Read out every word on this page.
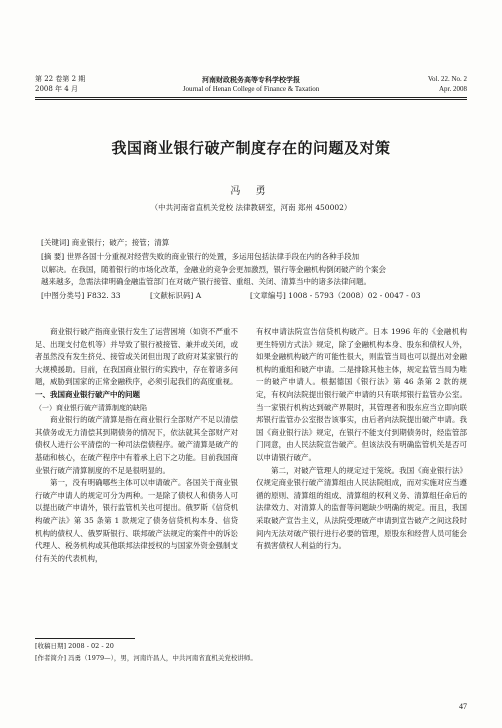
第 22 卷第 2 期
2008 年 4 月
河南财政税务高等专科学校学报
Journal of Henan College of Finance & Taxation
Vol. 22. No. 2
Apr. 2008
我国商业银行破产制度存在的问题及对策
冯 勇
（中共河南省直机关党校 法律教研室，河南 郑州 450002）
[关键词] 商业银行；破产；接管；清算
[摘 要] 世界各国十分重视对经营失败的商业银行的处置，多运用包括法律手段在内的各种手段加
以解决。在我国，随着银行的市场化改革，金融业的竞争会更加激烈，银行等金融机构倒闭破产的个案会
越来越多，急需法律明确金融监管部门在对破产银行接管、重组、关闭、清算当中的诸多法律问题。
[中图分类号] F832. 33	[文献标识码] A	[文章编号] 1008 - 5793（2008）02 - 0047 - 03

商业银行破产指商业银行发生了运营困境（如资不严重不足、出现支付危机等）并导致了银行被接管、兼并或关闭，或者虽然没有发生挤兑、接管或关闭但出现了政府对某家银行的大规模援助。目前，在我国商业银行的实践中，存在着诸多问题，威胁到国家的正常金融秩序，必须引起我们的高度重视。

一、我国商业银行破产中的问题

（一）商业银行破产清算制度的缺陷

商业银行的破产清算是指在商业银行全部财产不足以清偿其债务或无力清偿其到期债务的情况下，依法就其全部财产对债权人进行公平清偿的一种司法偿债程序。破产清算是破产的基础和核心，在破产程序中有着承上启下之功能。目前我国商业银行破产清算制度的不足是很明显的。

第一，没有明确哪些主体可以申请破产。各国关于商业银行破产申请人的规定可分为两种。一是除了债权人和债务人可以提出破产申请外，银行监管机关也可提出。俄罗斯《信贷机构破产法》第 35 条第 1 款规定了债务信贷机构本身、信贷机构的债权人、俄罗斯银行、联邦破产法规定的案件中的诉讼代理人、税务机构或其他联邦法律授权的与国家外资金强制支付有关的代表机构，

有权申请法院宣告信贷机构破产。日本 1996 年的《金融机构更生特别方式法》规定，除了金融机构本身、股东和债权人外，如果金融机构破产的可能性很大，则监管当局也可以提出对金融机构的重组和破产申请。二是排除其他主体，规定监管当局为唯一的破产申请人。根据德国《银行法》第 46 条第 2 款的规定，有权向法院提出银行破产申请的只有联邦银行监管办公室。当一家银行机构达到破产界限时，其管理者和股东应当立即向联邦银行监管办公室报告该事实，由后者向法院提出破产申请。我国《商业银行法》规定，在银行不能支付到期债务时，经监管部门同意，由人民法院宣告破产。但该法没有明确监管机关是否可以申请银行破产。

第二，对破产管理人的规定过于笼统。我国《商业银行法》仅规定商业银行破产清算组由人民法院组成，而对实施对应当遵循的原则、清算组的组成、清算组的权利义务、清算组任命后的法律效力、对清算人的监督等问题缺少明确的规定。而且，我国采取破产宣告主义，从法院受理破产申请到宣告破产之间这段时间内无法对破产银行进行必要的管理，原股东和经营人员可能会有损害债权人利益的行为。

[收稿日期] 2008 - 02 - 20
[作者简介] 冯勇（1979—），男，河南许昌人，中共河南省直机关党校讲师。
47
